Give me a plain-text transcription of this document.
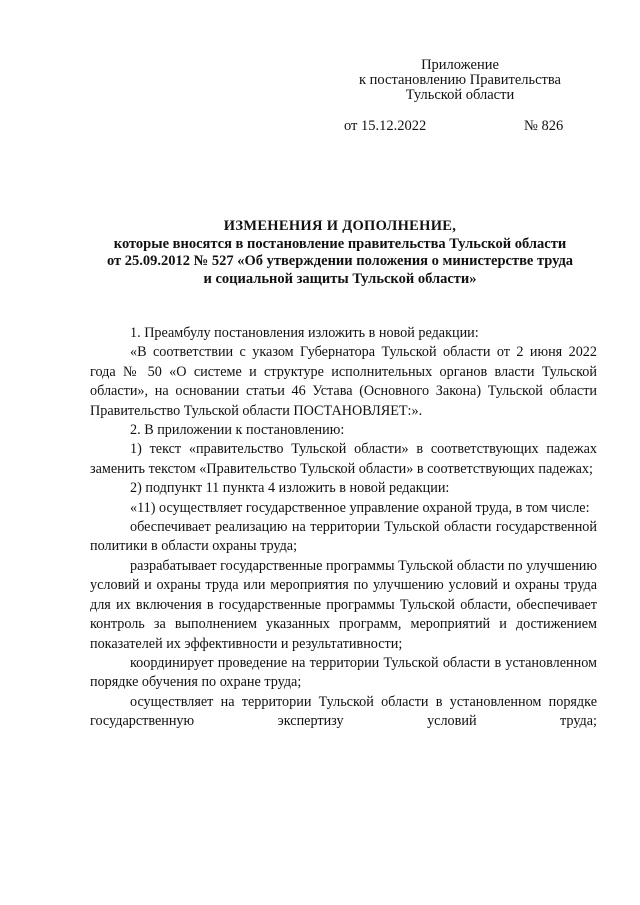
Приложение
к постановлению Правительства
Тульской области
от 15.12.2022	№ 826
ИЗМЕНЕНИЯ И ДОПОЛНЕНИЕ,
которые вносятся в постановление правительства Тульской области
от 25.09.2012 № 527 «Об утверждении положения о министерстве труда
и социальной защиты Тульской области»

1. Преамбулу постановления изложить в новой редакции:

«В соответствии с указом Губернатора Тульской области от 2 июня 2022 года № 50 «О системе и структуре исполнительных органов власти Тульской области», на основании статьи 46 Устава (Основного Закона) Тульской области Правительство Тульской области ПОСТАНОВЛЯЕТ:».

2. В приложении к постановлению:

1) текст «правительство Тульской области» в соответствующих падежах заменить текстом «Правительство Тульской области» в соответствующих падежах;

2) подпункт 11 пункта 4 изложить в новой редакции:

«11) осуществляет государственное управление охраной труда, в том числе:

обеспечивает реализацию на территории Тульской области государственной политики в области охраны труда;

разрабатывает государственные программы Тульской области по улучшению условий и охраны труда или мероприятия по улучшению условий и охраны труда для их включения в государственные программы Тульской области, обеспечивает контроль за выполнением указанных программ, мероприятий и достижением показателей их эффективности и результативности;

координирует проведение на территории Тульской области в установленном порядке обучения по охране труда;

осуществляет на территории Тульской области в установленном порядке государственную экспертизу условий труда;
